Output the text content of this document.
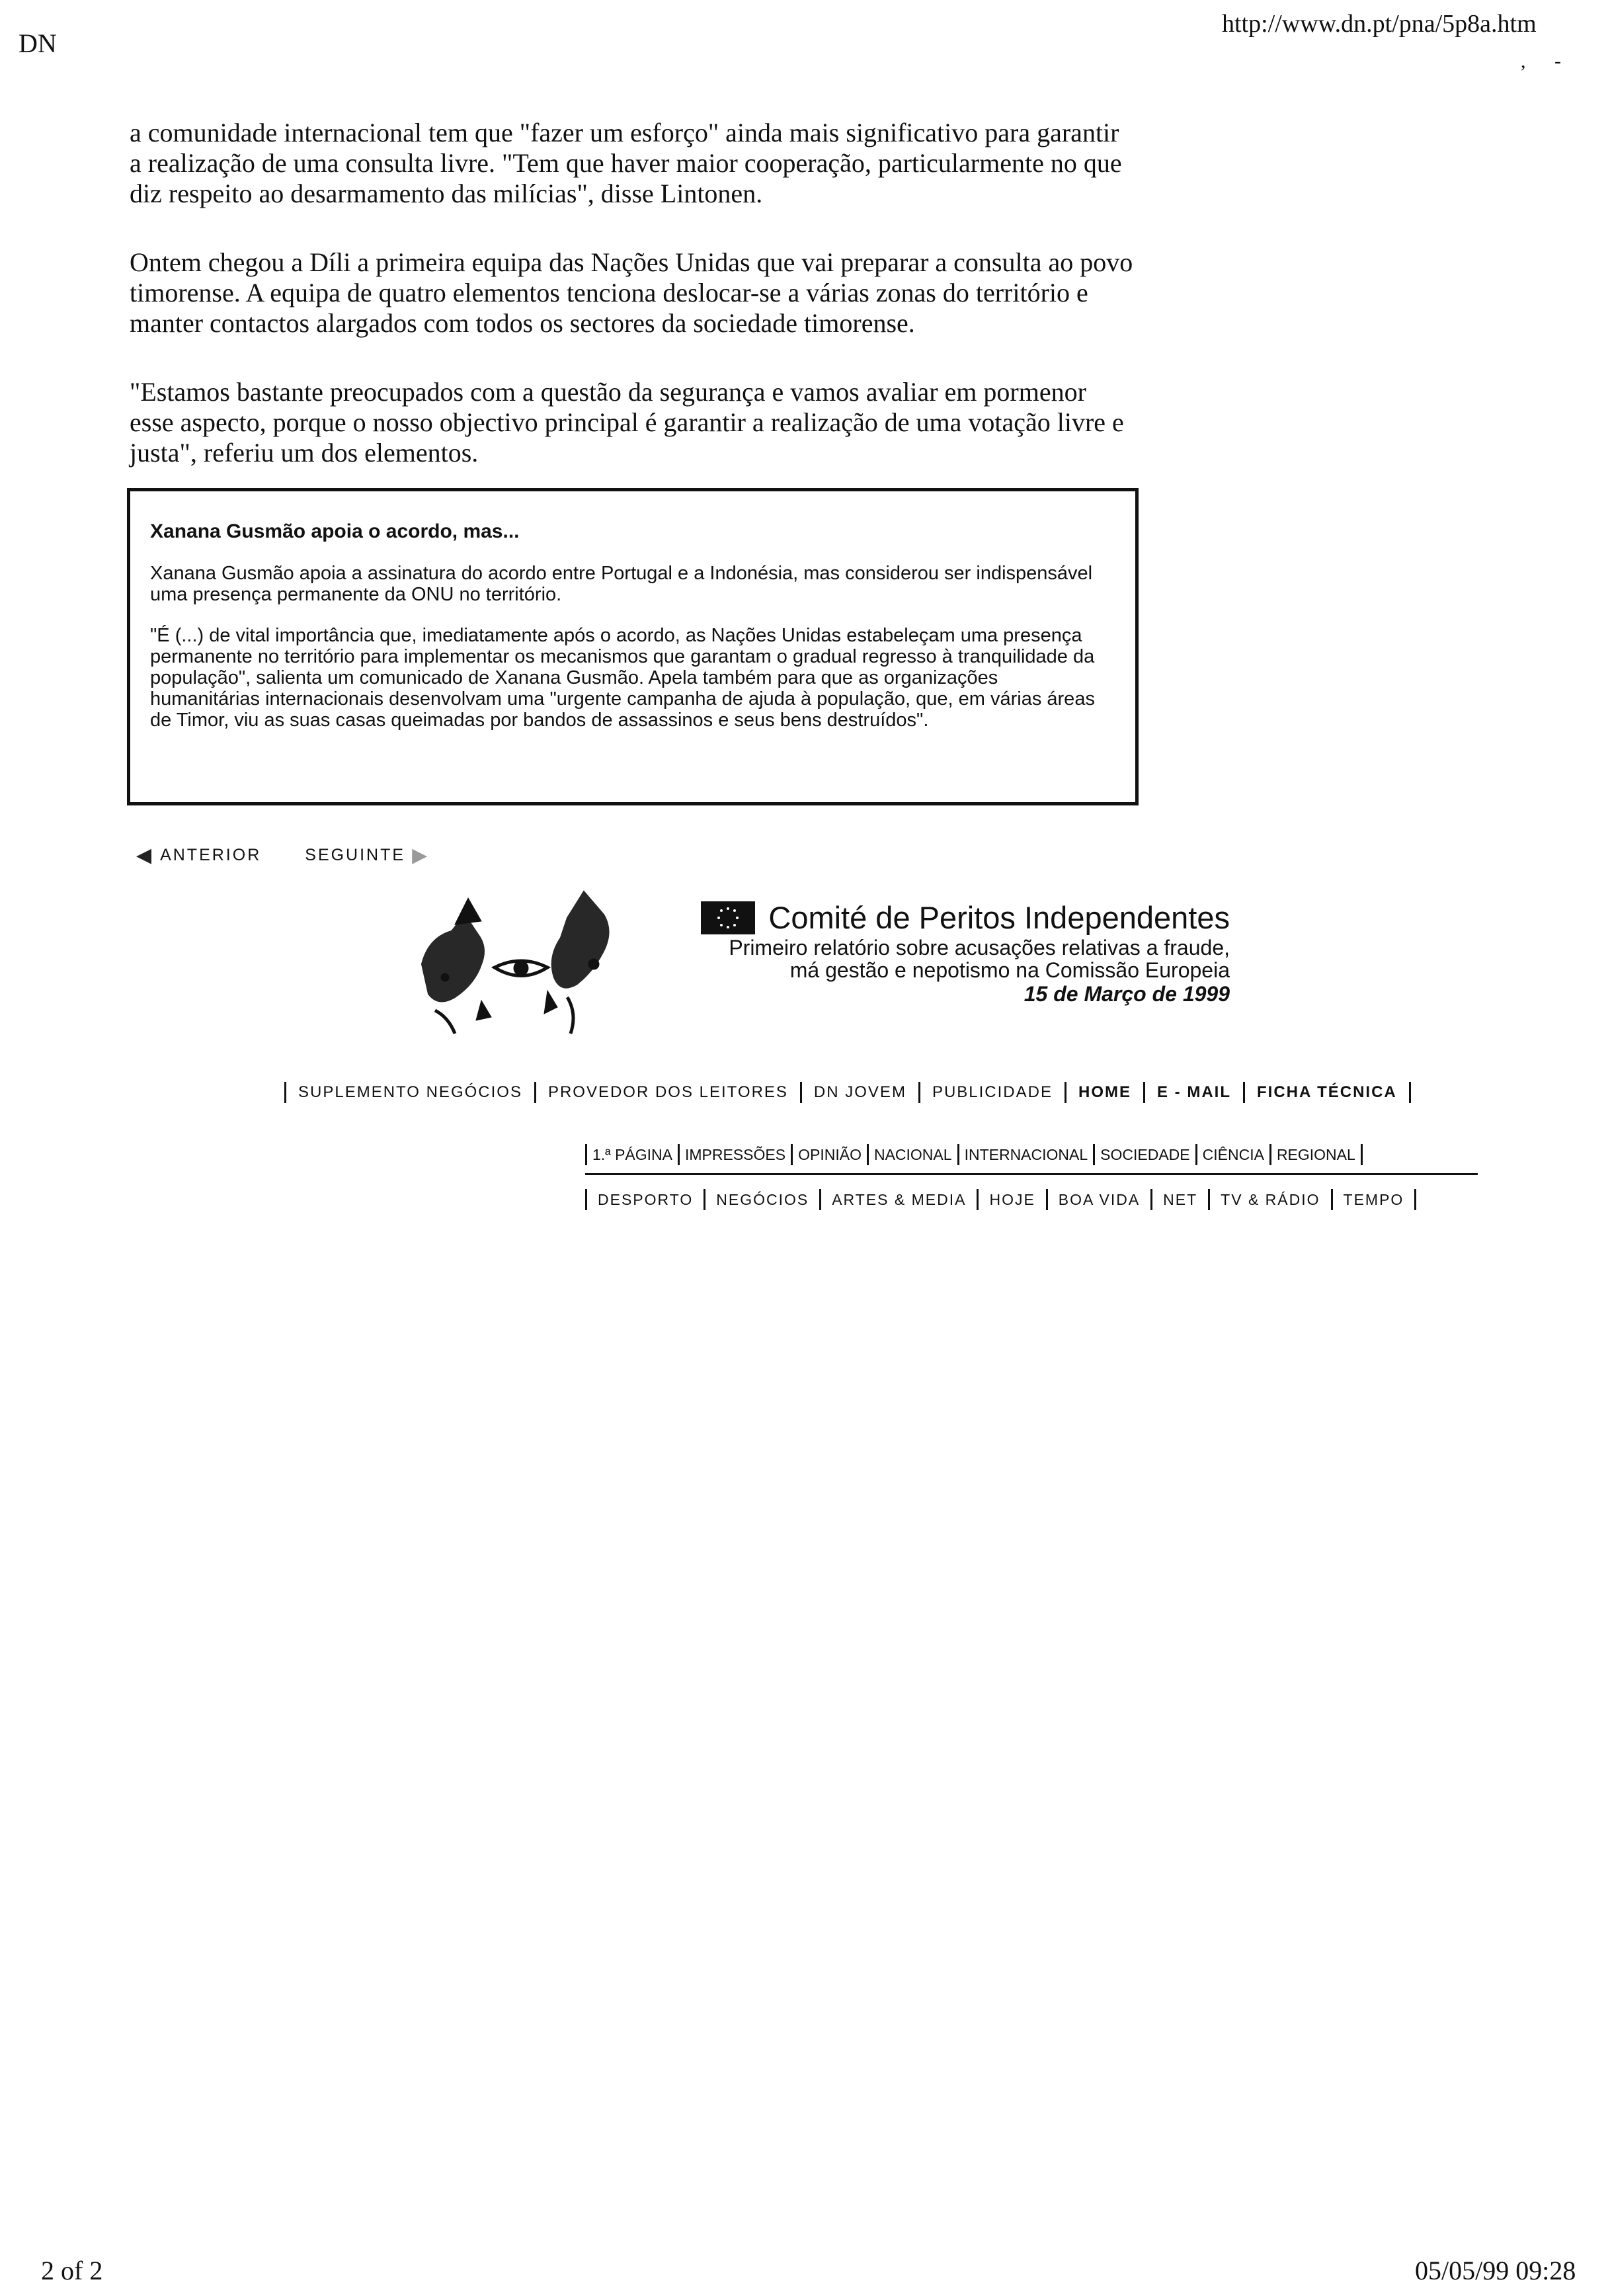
DN
http://www.dn.pt/pna/5p8a.htm
, -

a comunidade internacional tem que "fazer um esforço" ainda mais significativo para garantir a realização de uma consulta livre. "Tem que haver maior cooperação, particularmente no que diz respeito ao desarmamento das milícias", disse Lintonen.

Ontem chegou a Díli a primeira equipa das Nações Unidas que vai preparar a consulta ao povo timorense. A equipa de quatro elementos tenciona deslocar-se a várias zonas do território e manter contactos alargados com todos os sectores da sociedade timorense.

"Estamos bastante preocupados com a questão da segurança e vamos avaliar em pormenor esse aspecto, porque o nosso objectivo principal é garantir a realização de uma votação livre e justa", referiu um dos elementos.

Xanana Gusmão apoia o acordo, mas...

Xanana Gusmão apoia a assinatura do acordo entre Portugal e a Indonésia, mas considerou ser indispensável uma presença permanente da ONU no território.

"É (...) de vital importância que, imediatamente após o acordo, as Nações Unidas estabeleçam uma presença permanente no território para implementar os mecanismos que garantam o gradual regresso à tranquilidade da população", salienta um comunicado de Xanana Gusmão. Apela também para que as organizações humanitárias internacionais desenvolvam uma "urgente campanha de ajuda à população, que, em várias áreas de Timor, viu as suas casas queimadas por bandos de assassinos e seus bens destruídos".

◀ ANTERIOR	SEGUINTE ▶
Comité de Peritos Independentes
Primeiro relatório sobre acusações relativas a fraude,
má gestão e nepotismo na Comissão Europeia
15 de Março de 1999
SUPLEMENTO NEGÓCIOS PROVEDOR DOS LEITORES DN JOVEM PUBLICIDADE HOME E - MAIL FICHA TÉCNICA
1.ª PÁGINA IMPRESSÕES OPINIÃO NACIONAL INTERNACIONAL SOCIEDADE CIÊNCIA REGIONAL
DESPORTO NEGÓCIOS ARTES & MEDIA HOJE BOA VIDA NET TV & RÁDIO TEMPO
2 of 2	05/05/99 09:28
